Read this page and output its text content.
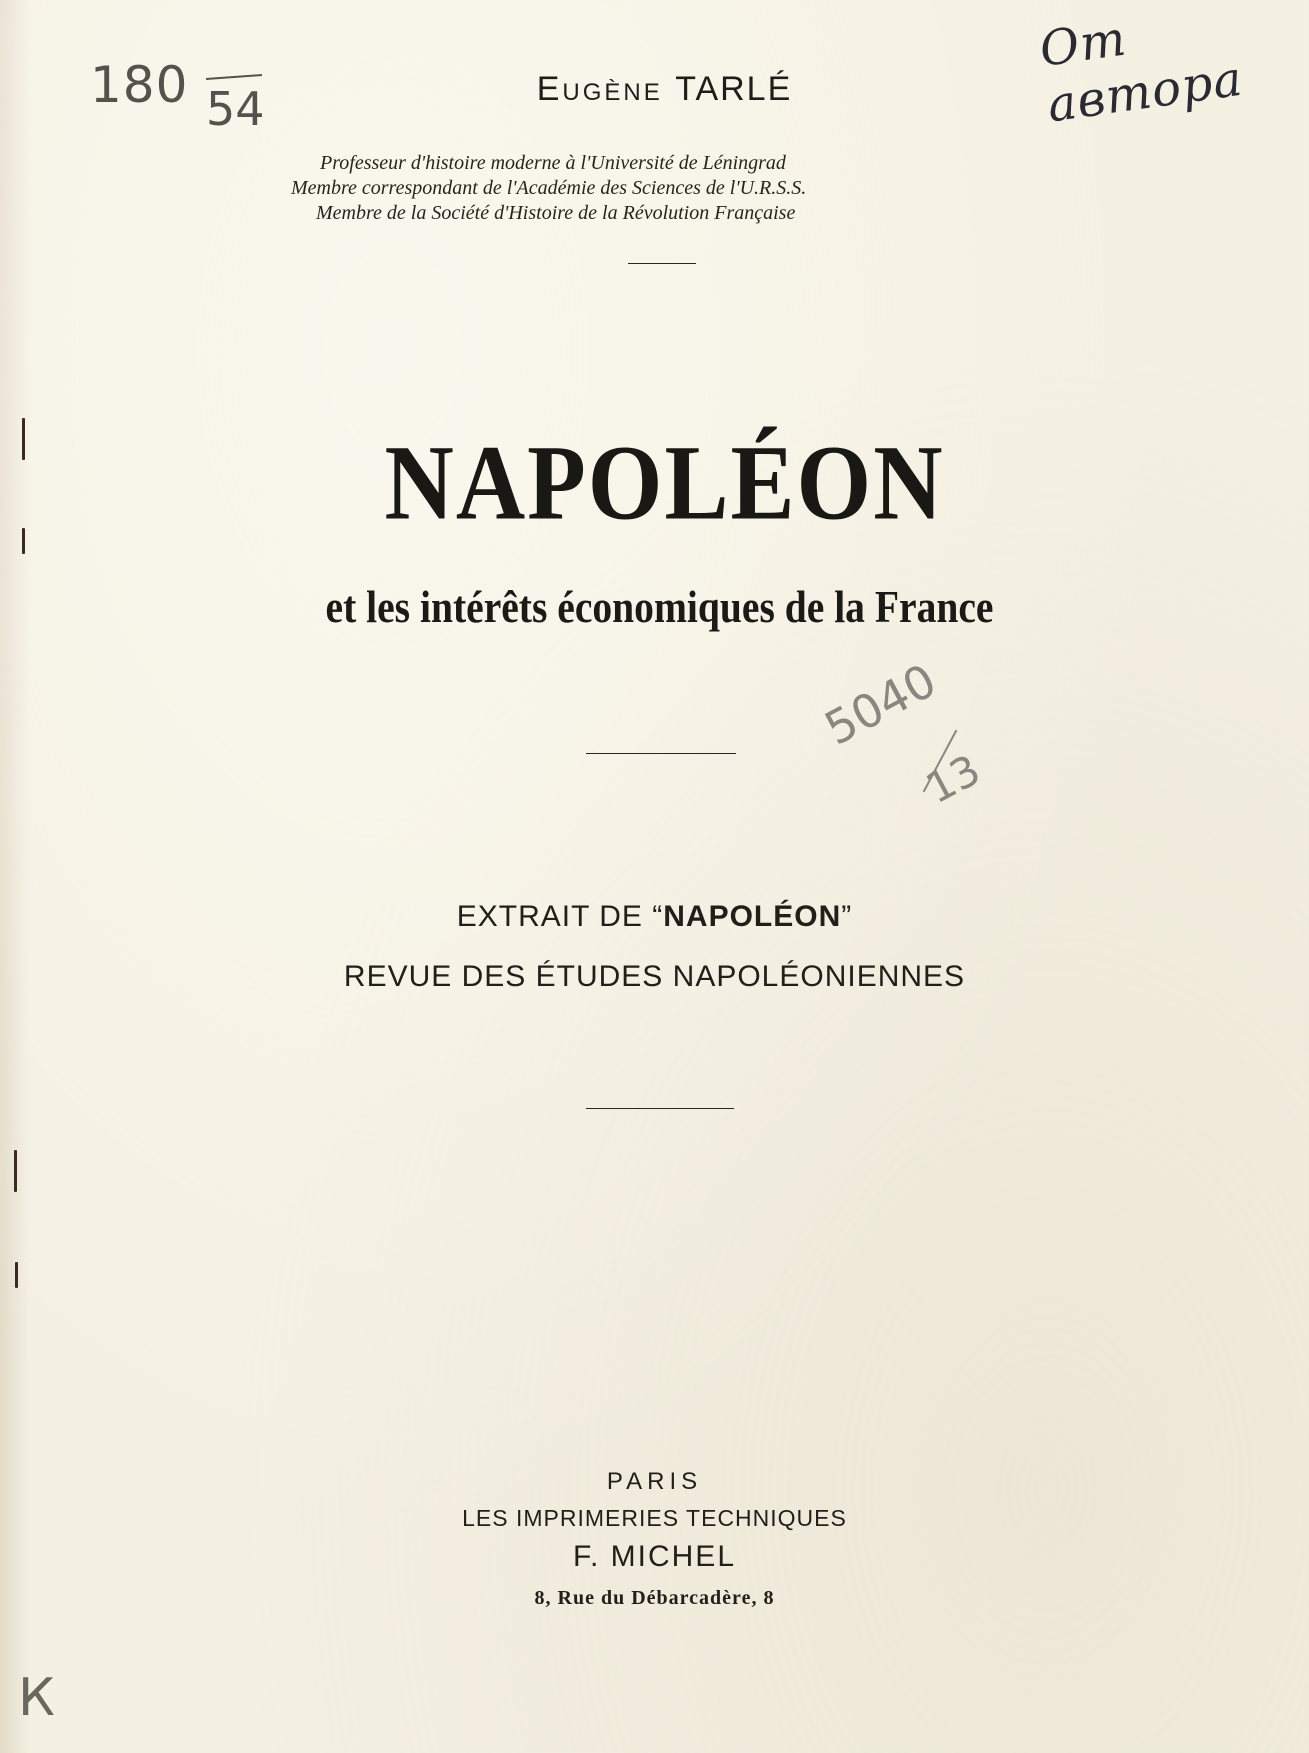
180 54
От автора
5040
13
К
Eugène TARLÉ
Professeur d'histoire moderne à l'Université de Léningrad
Membre correspondant de l'Académie des Sciences de l'U.R.S.S.
Membre de la Société d'Histoire de la Révolution Française
NAPOLÉON
et les intérêts économiques de la France
EXTRAIT DE “NAPOLÉON”
REVUE DES ÉTUDES NAPOLÉONIENNES
PARIS
LES IMPRIMERIES TECHNIQUES
F. MICHEL
8, Rue du Débarcadère, 8
